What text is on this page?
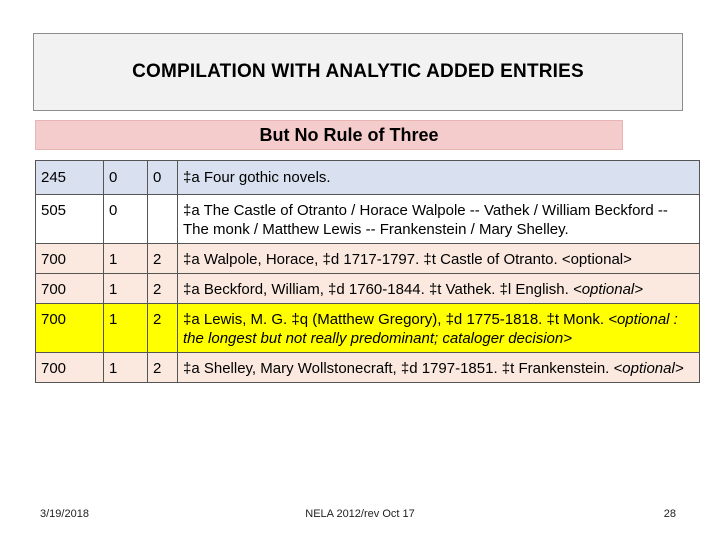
COMPILATION WITH ANALYTIC ADDED ENTRIES
But No Rule of Three
245	0	0	‡a Four gothic novels.
505	0		‡a The Castle of Otranto / Horace Walpole -- Vathek / William Beckford -- The monk / Matthew Lewis -- Frankenstein / Mary Shelley.
700	1	2	‡a Walpole, Horace, ‡d 1717-1797. ‡t Castle of Otranto. <optional>
700	1	2	‡a Beckford, William, ‡d 1760-1844. ‡t Vathek. ‡l English. <optional>
700	1	2	‡a Lewis, M. G. ‡q (Matthew Gregory), ‡d 1775-1818. ‡t Monk. <optional : the longest but not really predominant; cataloger decision>
700	1	2	‡a Shelley, Mary Wollstonecraft, ‡d 1797-1851. ‡t Frankenstein. <optional>
3/19/2018	NELA 2012/rev Oct 17	28
